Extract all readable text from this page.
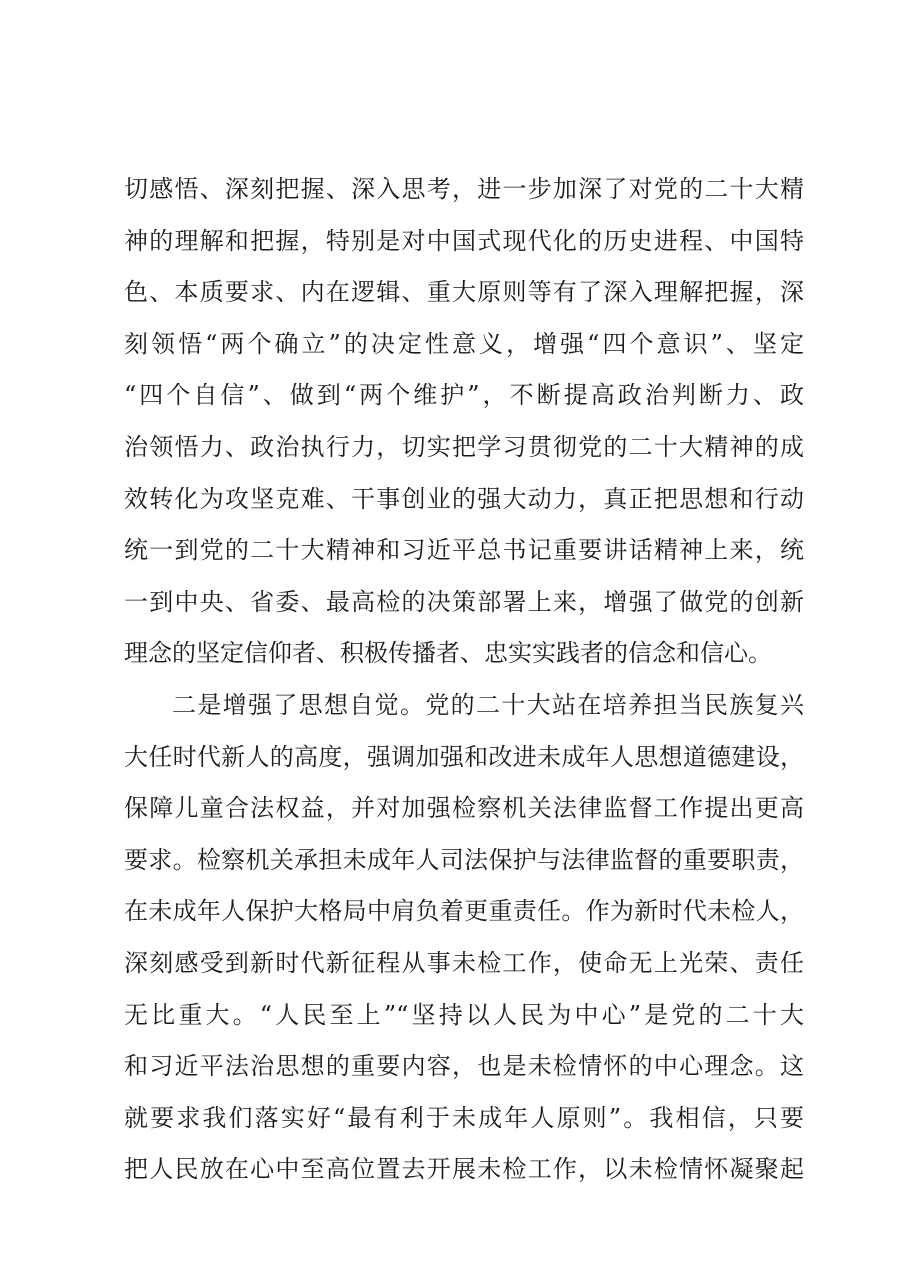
切感悟、深刻把握、深入思考，进一步加深了对党的二十大精
神的理解和把握，特别是对中国式现代化的历史进程、中国特
色、本质要求、内在逻辑、重大原则等有了深入理解把握，深
刻领悟“两个确立”的决定性意义，增强“四个意识”、坚定
“四个自信”、做到“两个维护”，不断提高政治判断力、政
治领悟力、政治执行力，切实把学习贯彻党的二十大精神的成
效转化为攻坚克难、干事创业的强大动力，真正把思想和行动
统一到党的二十大精神和习近平总书记重要讲话精神上来，统
一到中央、省委、最高检的决策部署上来，增强了做党的创新
理念的坚定信仰者、积极传播者、忠实实践者的信念和信心。
二是增强了思想自觉。党的二十大站在培养担当民族复兴
大任时代新人的高度，强调加强和改进未成年人思想道德建设，
保障儿童合法权益，并对加强检察机关法律监督工作提出更高
要求。检察机关承担未成年人司法保护与法律监督的重要职责，
在未成年人保护大格局中肩负着更重责任。作为新时代未检人，
深刻感受到新时代新征程从事未检工作，使命无上光荣、责任
无比重大。“人民至上”“坚持以人民为中心”是党的二十大
和习近平法治思想的重要内容，也是未检情怀的中心理念。这
就要求我们落实好“最有利于未成年人原则”。我相信，只要
把人民放在心中至高位置去开展未检工作，以未检情怀凝聚起
